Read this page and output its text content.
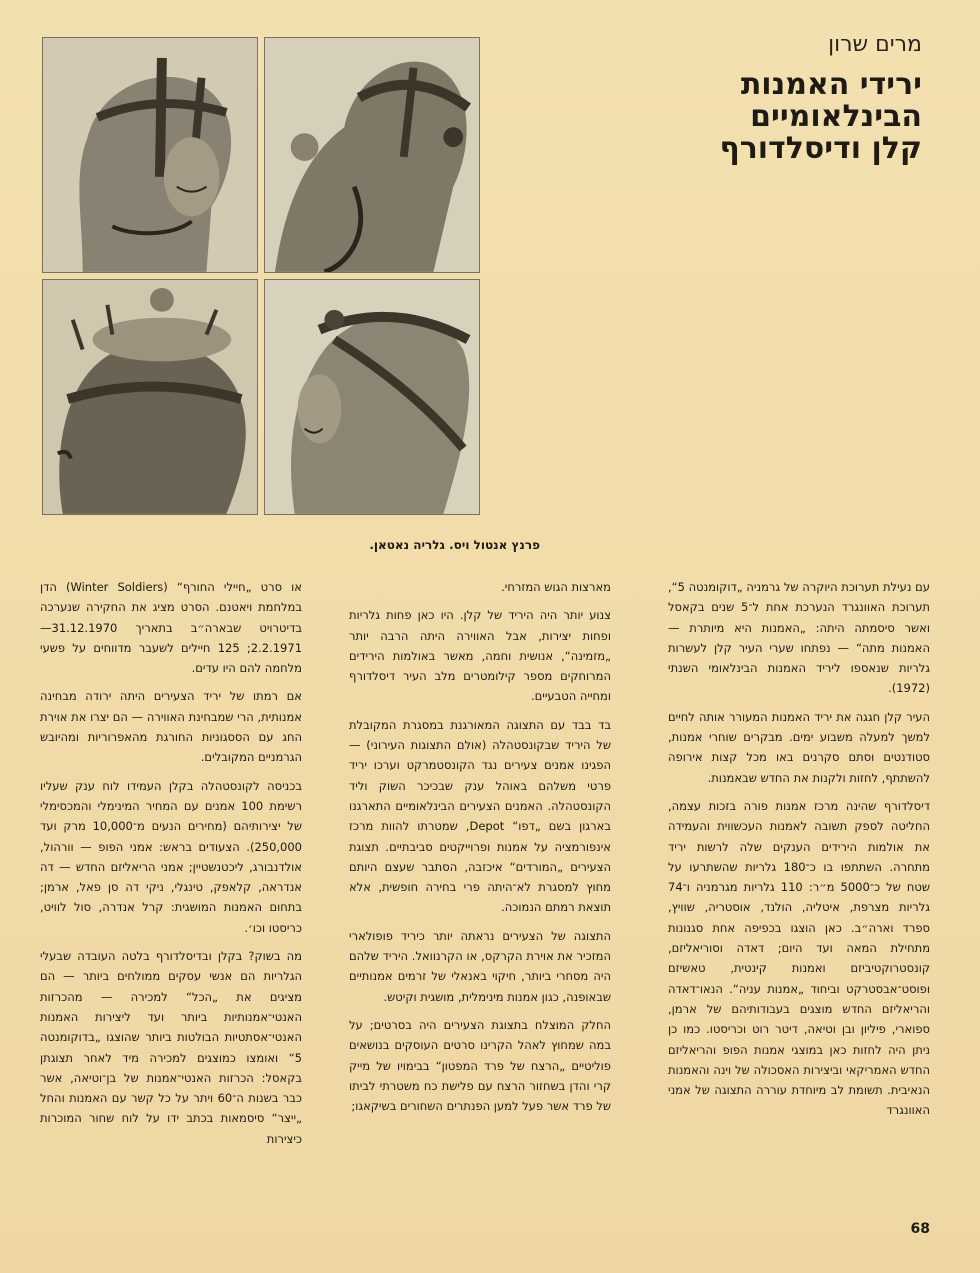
מרים שרון

ירידי האמנות
הבינלאומיים
קלן ודיסלדורף
פרנץ אנטול ויס. גלריה נאטאן.

עם נעילת תערוכת היוקרה של גרמניה „דוקומנטה 5“, תערוכת האוונגרד הנערכת אחת ל־5 שנים בקאסל ואשר סיסמתה היתה: „האמנות היא מיותרת — האמנות מתה“ — נפתחו שערי העיר קלן לעשרות גלריות שנאספו ליריד האמנות הבינלאומי השנתי (1972).

העיר קלן חגגה את יריד האמנות המעורר אותה לחיים למשך למעלה משבוע ימים. מבקרים שוחרי אמנות, סטודנטים וסתם סקרנים באו מכל קצות אירופה להשתתף, לחזות ולקנות את החדש שבאמנות.

דיסלדורף שהינה מרכז אמנות פורה בזכות עצמה, החליטה לספק תשובה לאמנות העכשווית והעמידה את אולמות הירידים הענקים שלה לרשות יריד מתחרה. השתתפו בו כ־180 גלריות שהשתרעו על שטח של כ־5000 מ״ר: 110 גלריות מגרמניה ו־74 גלריות מצרפת, איטליה, הולנד, אוסטריה, שוויץ, ספרד וארה״ב. כאן הוצגו בכפיפה אחת סגנונות מתחילת המאה ועד היום; דאדה וסוריאליזם, קונסטרוקטיביזם ואמנות קינטית, טאשיזם ופוסט־אבסטרקט וביחוד „אמנות עניה“. הנאו־דאדה והריאליזם החדש מוצגים בעבודותיהם של ארמן, ספוארי, פיליון ובן וטיאה, דיטר רוט וכריסטו. כמו כן ניתן היה לחזות כאן במוצגי אמנות הפופ והריאליזם החדש האמריקאי וביצירות האסכולה של וינה והאמנות הנאיבית. תשומת לב מיוחדת עוררה התצוגה של אמני האוונגרד

מארצות הגוש המזרחי.

צנוע יותר היה היריד של קלן. היו כאן פחות גלריות ופחות יצירות, אבל האווירה היתה הרבה יותר „מזמינה“, אנושית וחמה, מאשר באולמות הירידים המרוחקים מספר קילומטרים מלב העיר דיסלדורף ומחייה הטבעיים.

בד בבד עם התצוגה המאורגנת במסגרת המקובלת של היריד שבקונסטהלה (אולם התצוגות העירוני) — הפגינו אמנים צעירים נגד הקונסטמרקט וערכו יריד פרטי משלהם באוהל ענק שבכיכר השוק וליד הקונסטהלה. האמנים הצעירים הבינלאומיים התארגנו בארגון בשם „דפו“ Depot, שמטרתו להוות מרכז אינפורמציה על אמנות ופרוייקטים סביבתיים. תצוגת הצעירים „המורדים“ איכזבה, הסתבר שעצם היותם מחוץ למסגרת לא־היתה פרי בחירה חופשית, אלא תוצאת רמתם הנמוכה.

התצוגה של הצעירים נראתה יותר כיריד פופולארי המזכיר את אוירת הקרקס, או הקרנוואל. היריד שלהם היה מסחרי ביותר, חיקוי באנאלי של זרמים אמנותיים שבאופנה, כגון אמנות מינימלית, מושגית וקיטש.

החלק המוצלח בתצוגת הצעירים היה בסרטים; על במה שמחוץ לאהל הקרינו סרטים העוסקים בנושאים פוליטיים „הרצח של פרד המפטון“ בבימויו של מייק קרי והדן בשחזור הרצח עם פלישת כח משטרתי לביתו של פרד אשר פעל למען הפנתרים השחורים בשיקאגו;

או סרט „חיילי החורף“ (Winter Soldiers) הדן במלחמת ויאטנם. הסרט מציג את החקירה שנערכה בדיטרויט שבארה״ב בתאריך 31.12.1970—2.2.1971; 125 חיילים לשעבר מדווחים על פשעי מלחמה להם היו עדים.

אם רמתו של יריד הצעירים היתה ירודה מבחינה אמנותית, הרי שמבחינת האווירה — הם יצרו את אוירת החג עם הססגוניות החורגת מהאפרוריות ומהיובש הגרמניים המקובלים.

בכניסה לקונסטהלה בקלן העמידו לוח ענק שעליו רשימת 100 אמנים עם המחיר המינימלי והמכסימלי של יצירותיהם (מחירים הנעים מ־10,000 מרק ועד 250,000). הצעודים בראש: אמני הפופ — וורהול, אולדנבורג, ליכטנשטיין; אמני הריאליזם החדש — דה אנדראה, קלאפק, טינגלי, ניקי דה סן פאל, ארמן; בתחום האמנות המושגית: קרל אנדרה, סול לוויט, כריסטו וכו׳.

מה בשוק? בקלן ובדיסלדורף בלטה העובדה שבעלי הגלריות הם אנשי עסקים ממולחים ביותר — הם מציגים את „הכל“ למכירה — מהכרזות האנטי־אמנותיות ביותר ועד ליצירות האמנות האנטי־אסתטיות הבולטות ביותר שהוצגו „בדוקומנטה 5“ ואומצו כמוצגים למכירה מיד לאחר תצוגתן בקאסל: הכרזות האנטי־אמנות של בן־וטיאה, אשר כבר בשנות ה־60 ויתר על כל קשר עם האמנות והחל „ייצר“ סיסמאות בכתב ידו על לוח שחור המוכרות כיצירות

68
